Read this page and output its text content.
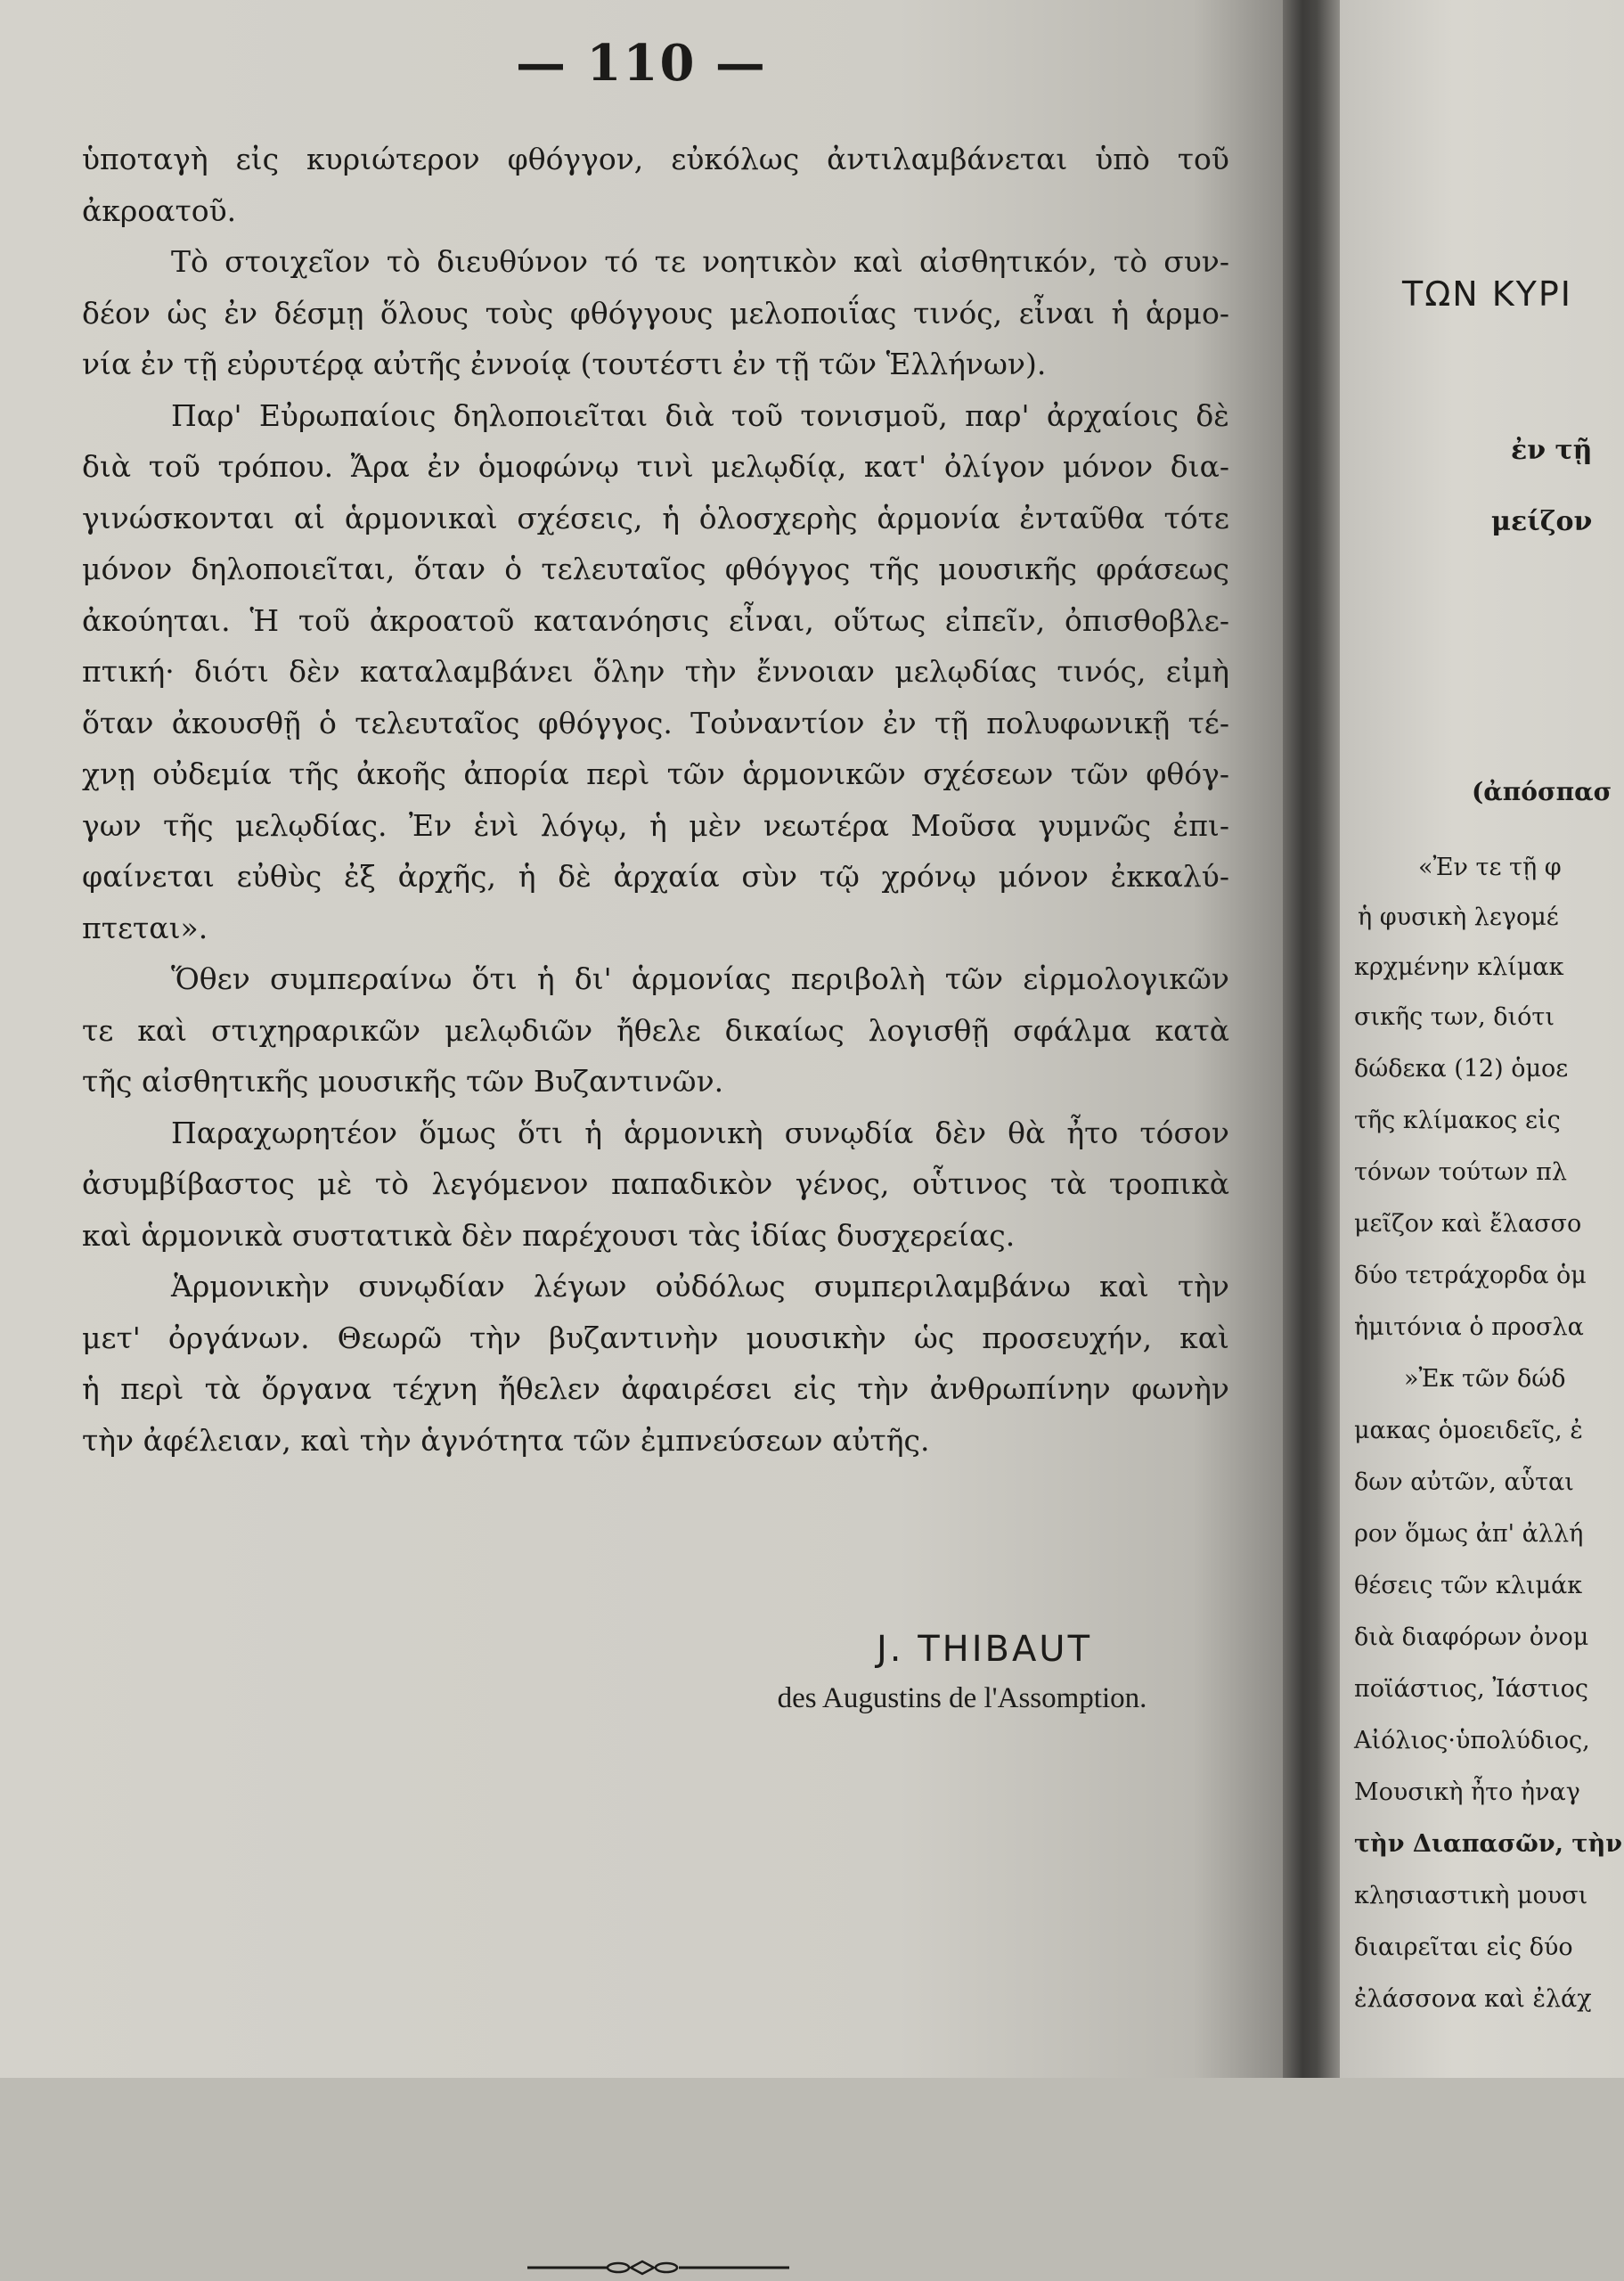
— 110 —
ὑποταγὴ εἰς κυριώτερον φθόγγον, εὐκόλως ἀντιλαμβάνεται ὑπὸ τοῦ
ἀκροατοῦ.
Τὸ στοιχεῖον τὸ διευθύνον τό τε νοητικὸν καὶ αἰσθητικόν, τὸ συν-
δέον ὡς ἐν δέσμῃ ὅλους τοὺς φθόγγους μελοποιΐας τινός, εἶναι ἡ ἁρμο-
νία ἐν τῇ εὐρυτέρᾳ αὐτῆς ἐννοίᾳ (τουτέστι ἐν τῇ τῶν Ἑλλήνων).
Παρ' Εὐρωπαίοις δηλοποιεῖται διὰ τοῦ τονισμοῦ, παρ' ἀρχαίοις δὲ
διὰ τοῦ τρόπου. Ἄρα ἐν ὁμοφώνῳ τινὶ μελῳδίᾳ, κατ' ὀλίγον μόνον δια-
γινώσκονται αἱ ἁρμονικαὶ σχέσεις, ἡ ὁλοσχερὴς ἁρμονία ἐνταῦθα τότε
μόνον δηλοποιεῖται, ὅταν ὁ τελευταῖος φθόγγος τῆς μουσικῆς φράσεως
ἀκούηται. Ἡ τοῦ ἀκροατοῦ κατανόησις εἶναι, οὕτως εἰπεῖν, ὀπισθοβλε-
πτική· διότι δὲν καταλαμβάνει ὅλην τὴν ἔννοιαν μελῳδίας τινός, εἰμὴ
ὅταν ἀκουσθῇ ὁ τελευταῖος φθόγγος. Τοὐναντίον ἐν τῇ πολυφωνικῇ τέ-
χνῃ οὐδεμία τῆς ἀκοῆς ἀπορία περὶ τῶν ἁρμονικῶν σχέσεων τῶν φθόγ-
γων τῆς μελῳδίας. Ἐν ἑνὶ λόγῳ, ἡ μὲν νεωτέρα Μοῦσα γυμνῶς ἐπι-
φαίνεται εὐθὺς ἐξ ἀρχῆς, ἡ δὲ ἀρχαία σὺν τῷ χρόνῳ μόνον ἐκκαλύ-
πτεται».
Ὅθεν συμπεραίνω ὅτι ἡ δι' ἁρμονίας περιβολὴ τῶν εἱρμολογικῶν
τε καὶ στιχηραρικῶν μελῳδιῶν ἤθελε δικαίως λογισθῇ σφάλμα κατὰ
τῆς αἰσθητικῆς μουσικῆς τῶν Βυζαντινῶν.
Παραχωρητέον ὅμως ὅτι ἡ ἁρμονικὴ συνῳδία δὲν θὰ ἦτο τόσον
ἀσυμβίβαστος μὲ τὸ λεγόμενον παπαδικὸν γένος, οὗτινος τὰ τροπικὰ
καὶ ἁρμονικὰ συστατικὰ δὲν παρέχουσι τὰς ἰδίας δυσχερείας.
Ἁρμονικὴν συνῳδίαν λέγων οὐδόλως συμπεριλαμβάνω καὶ τὴν
μετ' ὀργάνων. Θεωρῶ τὴν βυζαντινὴν μουσικὴν ὡς προσευχήν, καὶ
ἡ περὶ τὰ ὄργανα τέχνη ἤθελεν ἀφαιρέσει εἰς τὴν ἀνθρωπίνην φωνὴν
τὴν ἀφέλειαν, καὶ τὴν ἁγνότητα τῶν ἐμπνεύσεων αὐτῆς.
J. THIBAUT
des Augustins de l'Assomption.
ΤΩΝ ΚΥΡΙ
ἐν τῇ
μείζον
(ἀπόσπασ
«Ἐν τε τῇ φ
ἡ φυσικὴ λεγομέ
κρχμένην κλίμακ
σικῆς των, διότι
δώδεκα (12) ὁμοε
τῆς κλίμακος εἰς
τόνων τούτων πλ
μεῖζον καὶ ἔλασσο
δύο τετράχορδα ὁμ
ἡμιτόνια ὁ προσλα
»Ἐκ τῶν δώδ
μακας ὁμοειδεῖς, ἐ
δων αὐτῶν, αὗται
ρον ὅμως ἀπ' ἀλλή
θέσεις τῶν κλιμάκ
διὰ διαφόρων ὀνομ
ποϊάστιος, Ἰάστιος
Αἰόλιος·ὑπολύδιος,
Μουσικὴ ἦτο ἠναγ
τὴν Διαπασῶν, τὴν
κλησιαστικὴ μουσι
διαιρεῖται εἰς δύο
ἐλάσσονα καὶ ἐλάχ
